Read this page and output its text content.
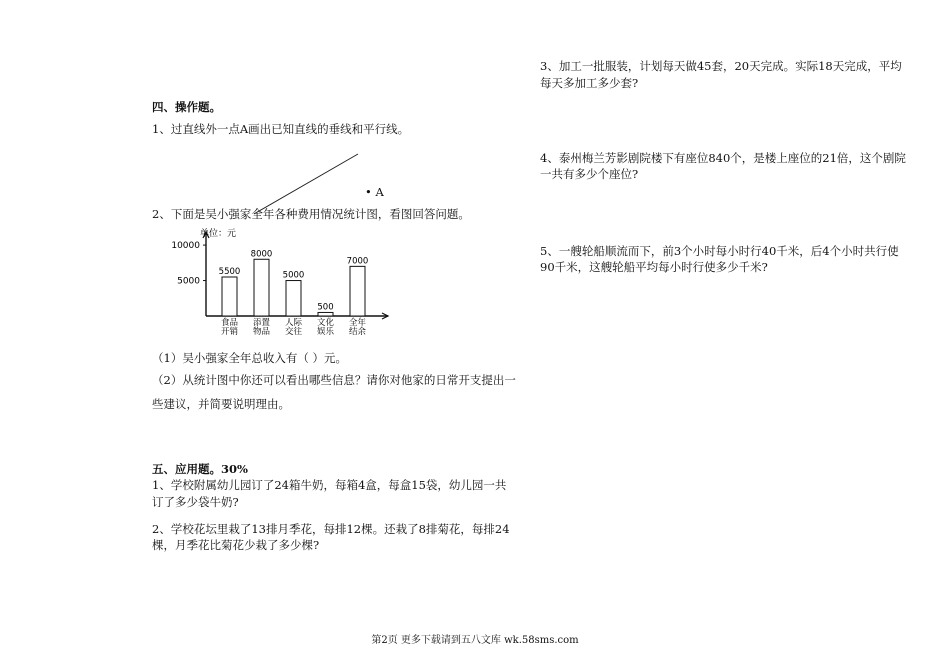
四、操作题。
1、过直线外一点A画出已知直线的垂线和平行线。
• A
2、下面是吴小强家全年各种费用情况统计图，看图回答问题。
单位：元
10000
5000
5500
食品
开销
8000
添置
物品
5000
人际
交往
500
文化
娱乐
7000
全年
结余
（1）吴小强家全年总收入有（ ）元。
（2）从统计图中你还可以看出哪些信息？请你对他家的日常开支提出一
些建议，并简要说明理由。
五、应用题。30%
1、学校附属幼儿园订了24箱牛奶，每箱4盒，每盒15袋，幼儿园一共
订了多少袋牛奶?
2、学校花坛里栽了13排月季花，每排12棵。还栽了8排菊花，每排24
棵，月季花比菊花少栽了多少棵?
3、加工一批服装，计划每天做45套，20天完成。实际18天完成，平均
每天多加工多少套?
4、泰州梅兰芳影剧院楼下有座位840个，是楼上座位的21倍，这个剧院
一共有多少个座位?
5、一艘轮船顺流而下，前3个小时每小时行40千米，后4个小时共行使
90千米，这艘轮船平均每小时行使多少千米?
第2页 更多下载请到五八文库 wk.58sms.com
